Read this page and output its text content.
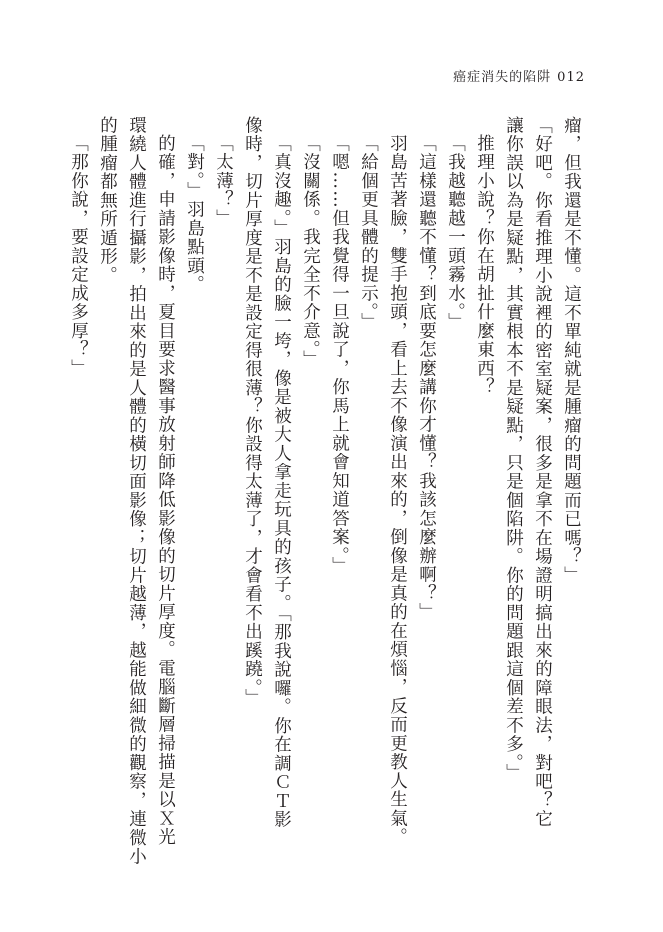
癌症消失的陷阱 012
瘤，但我還是不懂。這不單純就是腫瘤的問題而已嗎？」
「好吧。你看推理小說裡的密室疑案，很多是拿不在場證明搞出來的障眼法，對吧？它
讓你誤以為是疑點，其實根本不是疑點，只是個陷阱。你的問題跟這個差不多。」
推理小說？你在胡扯什麼東西？
「我越聽越一頭霧水。」
「這樣還聽不懂？到底要怎麼講你才懂？我該怎麼辦啊？」
羽島苦著臉，雙手抱頭，看上去不像演出來的，倒像是真的在煩惱，反而更教人生氣。
「給個更具體的提示。」
「嗯……但我覺得一旦說了，你馬上就會知道答案。」
「沒關係。我完全不介意。」
「真沒趣。」羽島的臉一垮，像是被大人拿走玩具的孩子。「那我說囉。你在調ＣＴ影
像時，切片厚度是不是設定得很薄？你設得太薄了，才會看不出蹊蹺。」
「太薄？」
「對。」羽島點頭。
的確，申請影像時，夏目要求醫事放射師降低影像的切片厚度。電腦斷層掃描是以Ｘ光
環繞人體進行攝影，拍出來的是人體的橫切面影像；切片越薄，越能做細微的觀察，連微小
的腫瘤都無所遁形。
「那你說，要設定成多厚？」
